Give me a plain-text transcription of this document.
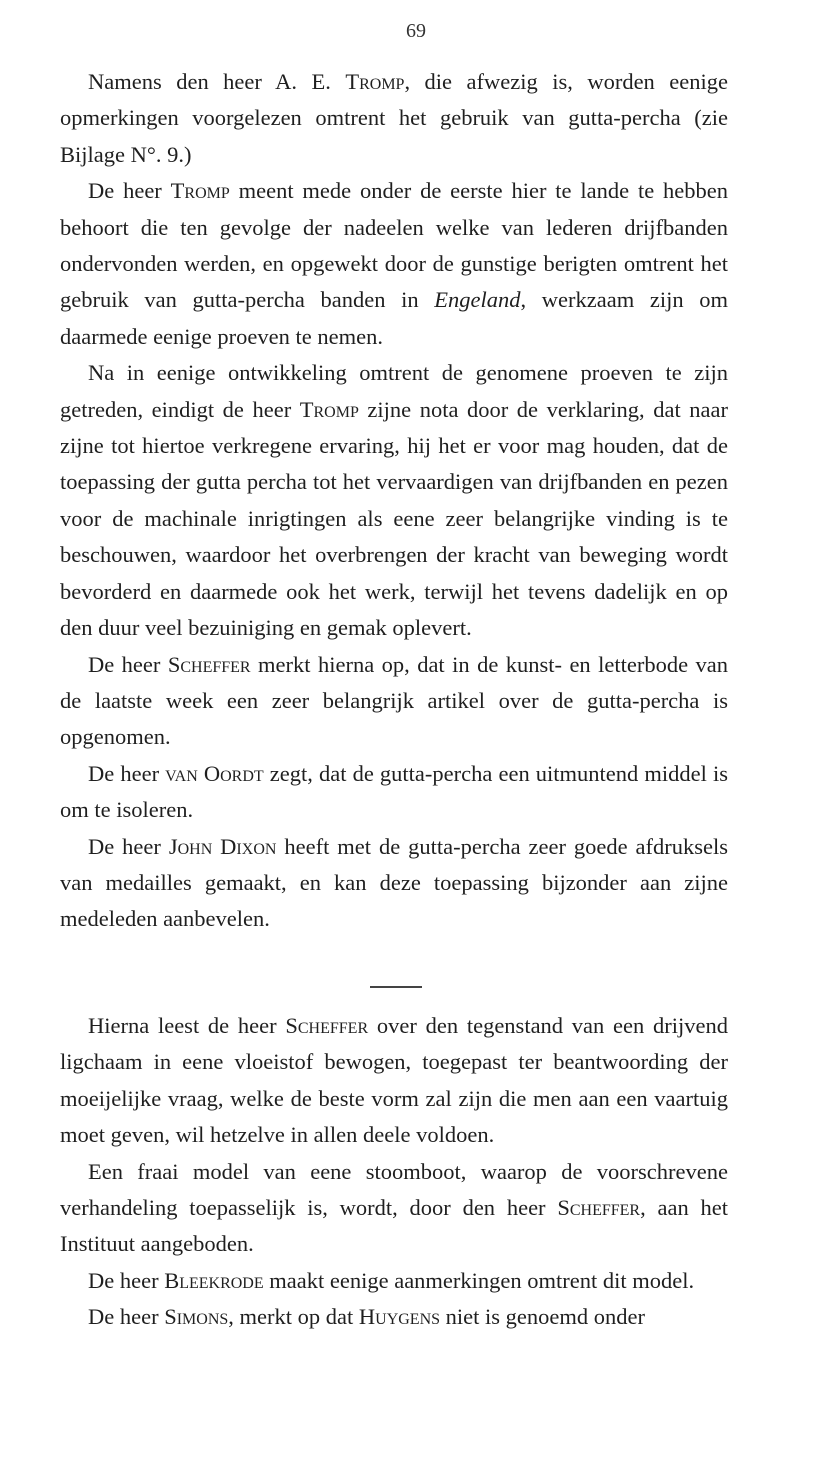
69

Namens den heer A. E. Tromp, die afwezig is, worden eenige opmerkingen voorgelezen omtrent het gebruik van gutta-percha (zie Bijlage N°. 9.)

De heer Tromp meent mede onder de eerste hier te lande te hebben behoort die ten gevolge der nadeelen welke van lederen drijfbanden ondervonden werden, en opgewekt door de gunstige berigten omtrent het gebruik van gutta-percha banden in Engeland, werkzaam zijn om daarmede eenige proeven te nemen.

Na in eenige ontwikkeling omtrent de genomene proeven te zijn getreden, eindigt de heer Tromp zijne nota door de verklaring, dat naar zijne tot hiertoe verkregene ervaring, hij het er voor mag houden, dat de toepassing der gutta percha tot het vervaardigen van drijfbanden en pezen voor de machinale inrigtingen als eene zeer belangrijke vinding is te beschouwen, waardoor het overbrengen der kracht van beweging wordt bevorderd en daarmede ook het werk, terwijl het tevens dadelijk en op den duur veel bezuiniging en gemak oplevert.

De heer Scheffer merkt hierna op, dat in de kunst- en letterbode van de laatste week een zeer belangrijk artikel over de gutta-percha is opgenomen.

De heer van Oordt zegt, dat de gutta-percha een uitmuntend middel is om te isoleren.

De heer John Dixon heeft met de gutta-percha zeer goede afdruksels van medailles gemaakt, en kan deze toepassing bijzonder aan zijne medeleden aanbevelen.

Hierna leest de heer Scheffer over den tegenstand van een drijvend ligchaam in eene vloeistof bewogen, toegepast ter beantwoording der moeijelijke vraag, welke de beste vorm zal zijn die men aan een vaartuig moet geven, wil hetzelve in allen deele voldoen.

Een fraai model van eene stoomboot, waarop de voorschrevene verhandeling toepasselijk is, wordt, door den heer Scheffer, aan het Instituut aangeboden.

De heer Bleekrode maakt eenige aanmerkingen omtrent dit model.

De heer Simons, merkt op dat Huygens niet is genoemd onder
